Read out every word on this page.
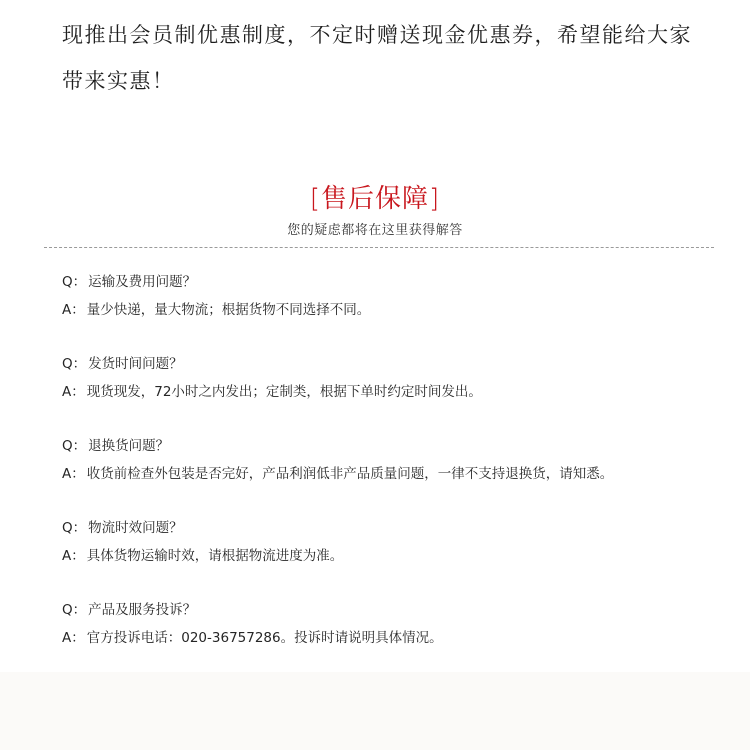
现推出会员制优惠制度，不定时赠送现金优惠券，希望能给大家
带来实惠！
[售后保障]
您的疑虑都将在这里获得解答
Q： 运输及费用问题？
A： 量少快递，量大物流；根据货物不同选择不同。
Q： 发货时间问题？
A： 现货现发，72小时之内发出；定制类，根据下单时约定时间发出。
Q： 退换货问题？
A： 收货前检查外包装是否完好，产品利润低非产品质量问题，一律不支持退换货，请知悉。
Q： 物流时效问题？
A： 具体货物运输时效，请根据物流进度为准。
Q： 产品及服务投诉？
A： 官方投诉电话：020-36757286。投诉时请说明具体情况。
